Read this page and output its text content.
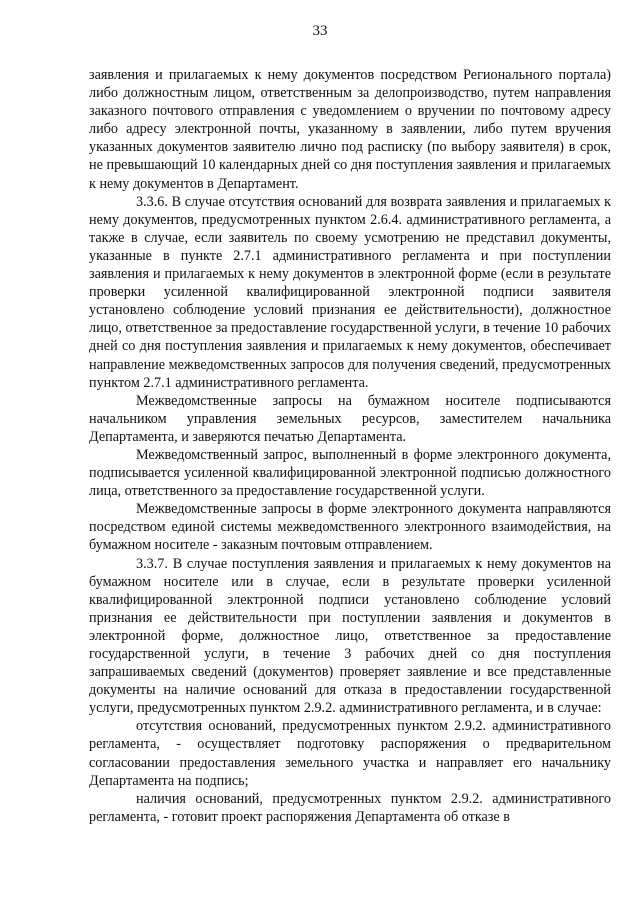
33

заявления и прилагаемых к нему документов посредством Регионального портала) либо должностным лицом, ответственным за делопроизводство, путем направления заказного почтового отправления с уведомлением о вручении по почтовому адресу либо адресу электронной почты, указанному в заявлении, либо путем вручения указанных документов заявителю лично под расписку (по выбору заявителя) в срок, не превышающий 10 календарных дней со дня поступления заявления и прилагаемых к нему документов в Департамент.

3.3.6. В случае отсутствия оснований для возврата заявления и прилагаемых к нему документов, предусмотренных пунктом 2.6.4. административного регламента, а также в случае, если заявитель по своему усмотрению не представил документы, указанные в пункте 2.7.1 административного регламента и при поступлении заявления и прилагаемых к нему документов в электронной форме (если в результате проверки усиленной квалифицированной электронной подписи заявителя установлено соблюдение условий признания ее действительности), должностное лицо, ответственное за предоставление государственной услуги, в течение 10 рабочих дней со дня поступления заявления и прилагаемых к нему документов, обеспечивает направление межведомственных запросов для получения сведений, предусмотренных пунктом 2.7.1 административного регламента.

Межведомственные запросы на бумажном носителе подписываются начальником управления земельных ресурсов, заместителем начальника Департамента, и заверяются печатью Департамента.

Межведомственный запрос, выполненный в форме электронного документа, подписывается усиленной квалифицированной электронной подписью должностного лица, ответственного за предоставление государственной услуги.

Межведомственные запросы в форме электронного документа направляются посредством единой системы межведомственного электронного взаимодействия, на бумажном носителе - заказным почтовым отправлением.

3.3.7. В случае поступления заявления и прилагаемых к нему документов на бумажном носителе или в случае, если в результате проверки усиленной квалифицированной электронной подписи установлено соблюдение условий признания ее действительности при поступлении заявления и документов в электронной форме, должностное лицо, ответственное за предоставление государственной услуги, в течение 3 рабочих дней со дня поступления запрашиваемых сведений (документов) проверяет заявление и все представленные документы на наличие оснований для отказа в предоставлении государственной услуги, предусмотренных пунктом 2.9.2. административного регламента, и в случае:

отсутствия оснований, предусмотренных пунктом 2.9.2. административного регламента, - осуществляет подготовку распоряжения о предварительном согласовании предоставления земельного участка и направляет его начальнику Департамента на подпись;

наличия оснований, предусмотренных пунктом 2.9.2. административного регламента, - готовит проект распоряжения Департамента об отказе в
